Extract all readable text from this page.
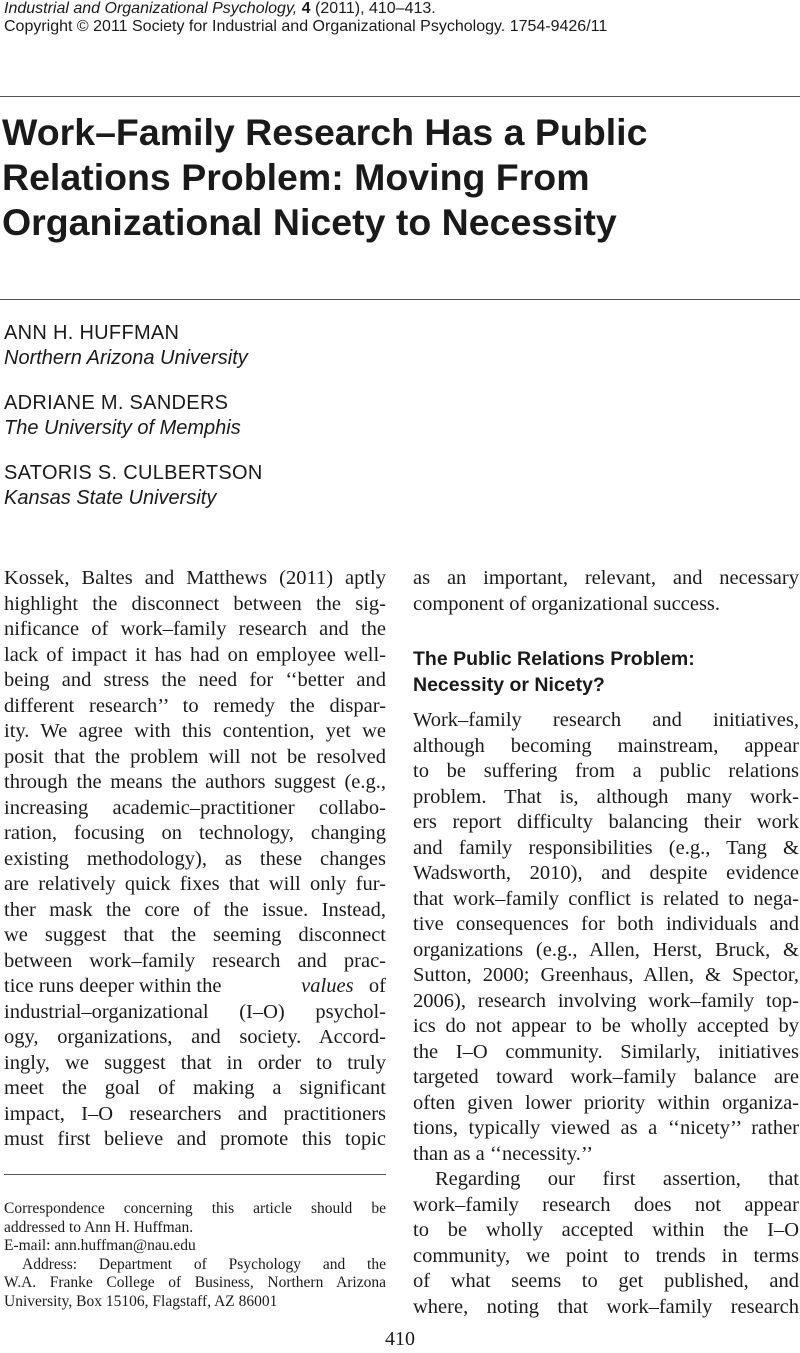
Industrial and Organizational Psychology, 4 (2011), 410–413.
Copyright © 2011 Society for Industrial and Organizational Psychology. 1754-9426/11
Work–Family Research Has a Public
Relations Problem: Moving From
Organizational Nicety to Necessity
ANN H. HUFFMAN
Northern Arizona University
ADRIANE M. SANDERS
The University of Memphis
SATORIS S. CULBERTSON
Kansas State University
Kossek, Baltes and Matthews (2011) aptly
highlight the disconnect between the sig-
nificance of work–family research and the
lack of impact it has had on employee well-
being and stress the need for ‘‘better and
different research’’ to remedy the dispar-
ity. We agree with this contention, yet we
posit that the problem will not be resolved
through the means the authors suggest (e.g.,
increasing academic–practitioner collabo-
ration, focusing on technology, changing
existing methodology), as these changes
are relatively quick fixes that will only fur-
ther mask the core of the issue. Instead,
we suggest that the seeming disconnect
between work–family research and prac-
tice runs deeper within the	values of
industrial–organizational (I–O) psychol-
ogy, organizations, and society. Accord-
ingly, we suggest that in order to truly
meet the goal of making a significant
impact, I–O researchers and practitioners
must first believe and promote this topic
Correspondence concerning this article should be
addressed to Ann H. Huffman.
E-mail: ann.huffman@nau.edu
Address: Department of Psychology and the
W.A. Franke College of Business, Northern Arizona
University, Box 15106, Flagstaff, AZ 86001
as an important, relevant, and necessary
component of organizational success.
The Public Relations Problem:
Necessity or Nicety?
Work–family research and initiatives,
although becoming mainstream, appear
to be suffering from a public relations
problem. That is, although many work-
ers report difficulty balancing their work
and family responsibilities (e.g., Tang &
Wadsworth, 2010), and despite evidence
that work–family conflict is related to nega-
tive consequences for both individuals and
organizations (e.g., Allen, Herst, Bruck, &
Sutton, 2000; Greenhaus, Allen, & Spector,
2006), research involving work–family top-
ics do not appear to be wholly accepted by
the I–O community. Similarly, initiatives
targeted toward work–family balance are
often given lower priority within organiza-
tions, typically viewed as a ‘‘nicety’’ rather
than as a ‘‘necessity.’’
Regarding our first assertion, that
work–family research does not appear
to be wholly accepted within the I–O
community, we point to trends in terms
of what seems to get published, and
where, noting that work–family research
410
